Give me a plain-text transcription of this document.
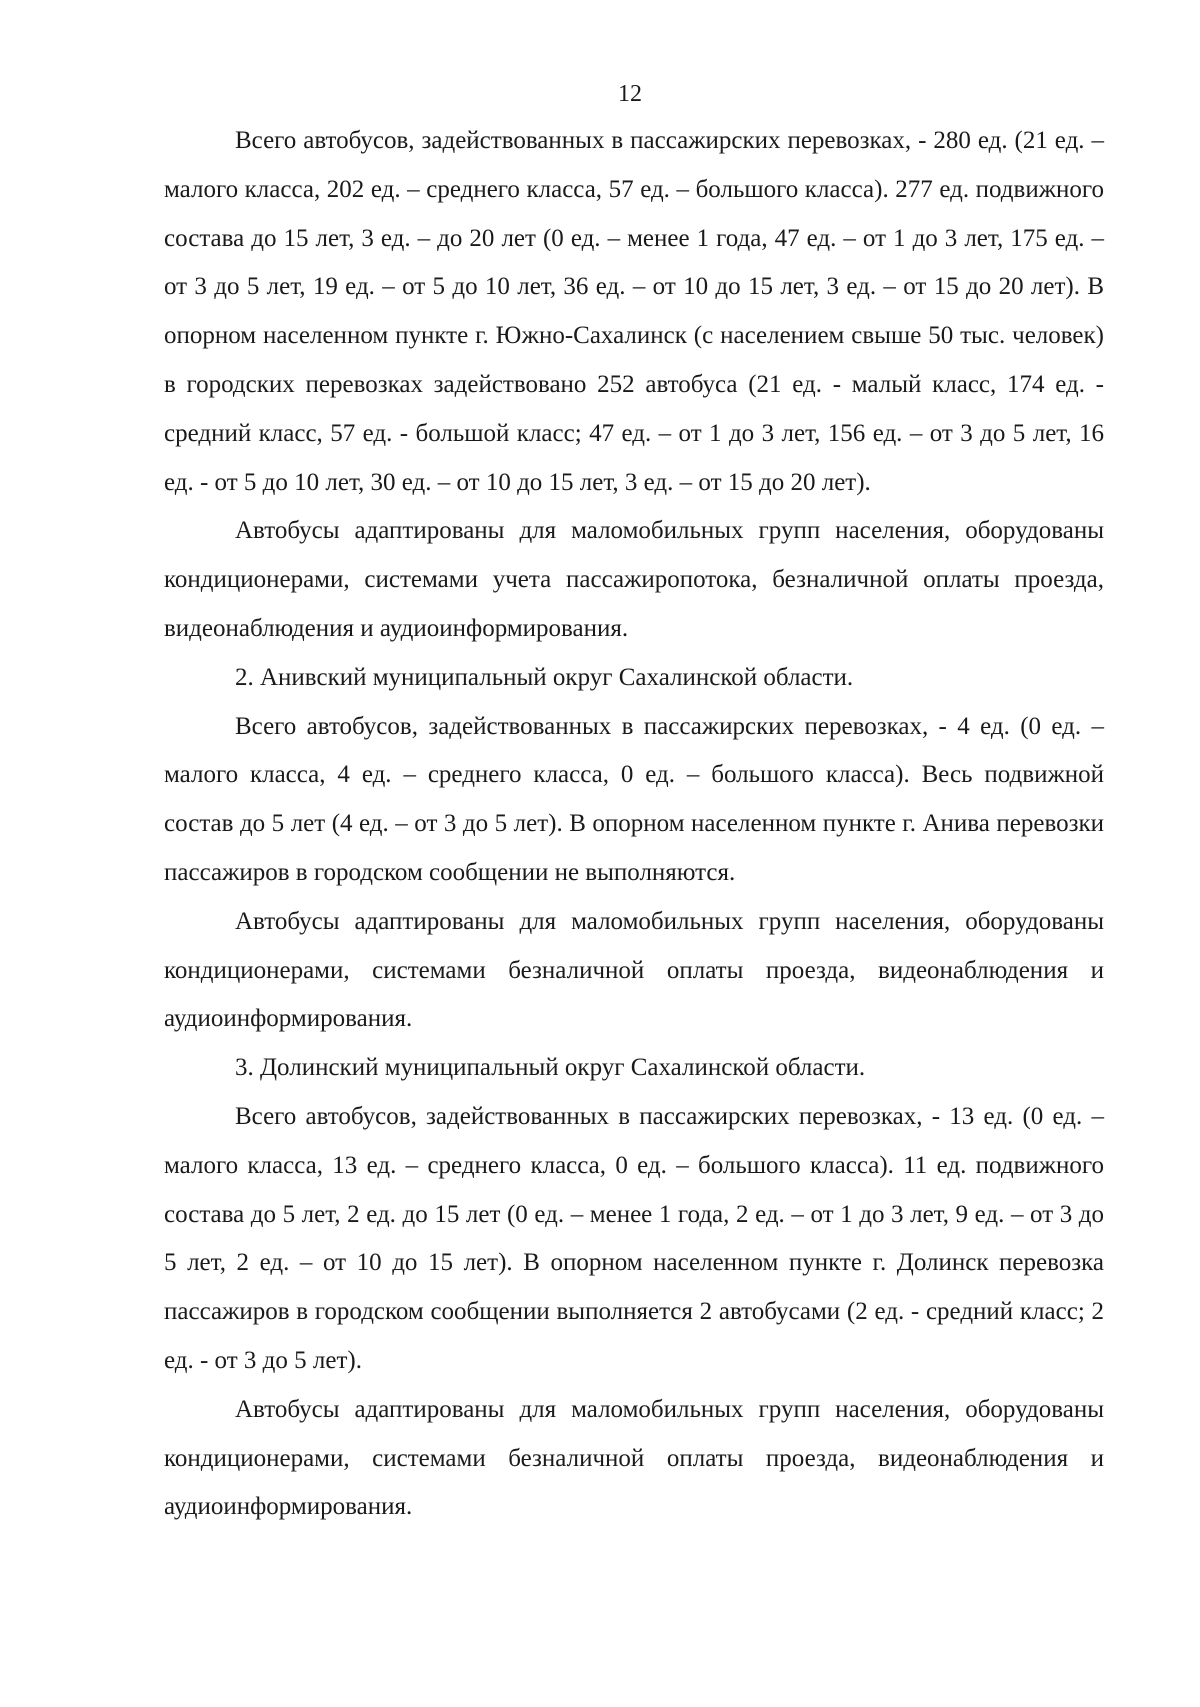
12

Всего автобусов, задействованных в пассажирских перевозках, - 280 ед. (21 ед. – малого класса, 202 ед. – среднего класса, 57 ед. – большого класса). 277 ед. подвижного состава до 15 лет, 3 ед. – до 20 лет (0 ед. – менее 1 года, 47 ед. – от 1 до 3 лет, 175 ед. – от 3 до 5 лет, 19 ед. – от 5 до 10 лет, 36 ед. – от 10 до 15 лет, 3 ед. – от 15 до 20 лет). В опорном населенном пункте г. Южно-Сахалинск (с населением свыше 50 тыс. человек) в городских перевозках задействовано 252 автобуса (21 ед. - малый класс, 174 ед. - средний класс, 57 ед. - большой класс; 47 ед. – от 1 до 3 лет, 156 ед. – от 3 до 5 лет, 16 ед. - от 5 до 10 лет, 30 ед. – от 10 до 15 лет, 3 ед. – от 15 до 20 лет).

Автобусы адаптированы для маломобильных групп населения, оборудованы кондиционерами, системами учета пассажиропотока, безналичной оплаты проезда, видеонаблюдения и аудиоинформирования.

2. Анивский муниципальный округ Сахалинской области.

Всего автобусов, задействованных в пассажирских перевозках, - 4 ед. (0 ед. – малого класса, 4 ед. – среднего класса, 0 ед. – большого класса). Весь подвижной состав до 5 лет (4 ед. – от 3 до 5 лет). В опорном населенном пункте г. Анива перевозки пассажиров в городском сообщении не выполняются.

Автобусы адаптированы для маломобильных групп населения, оборудованы кондиционерами, системами безналичной оплаты проезда, видеонаблюдения и аудиоинформирования.

3. Долинский муниципальный округ Сахалинской области.

Всего автобусов, задействованных в пассажирских перевозках, - 13 ед. (0 ед. – малого класса, 13 ед. – среднего класса, 0 ед. – большого класса). 11 ед. подвижного состава до 5 лет, 2 ед. до 15 лет (0 ед. – менее 1 года, 2 ед. – от 1 до 3 лет, 9 ед. – от 3 до 5 лет, 2 ед. – от 10 до 15 лет). В опорном населенном пункте г. Долинск перевозка пассажиров в городском сообщении выполняется 2 автобусами (2 ед. - средний класс; 2 ед. - от 3 до 5 лет).

Автобусы адаптированы для маломобильных групп населения, оборудованы кондиционерами, системами безналичной оплаты проезда, видеонаблюдения и аудиоинформирования.
